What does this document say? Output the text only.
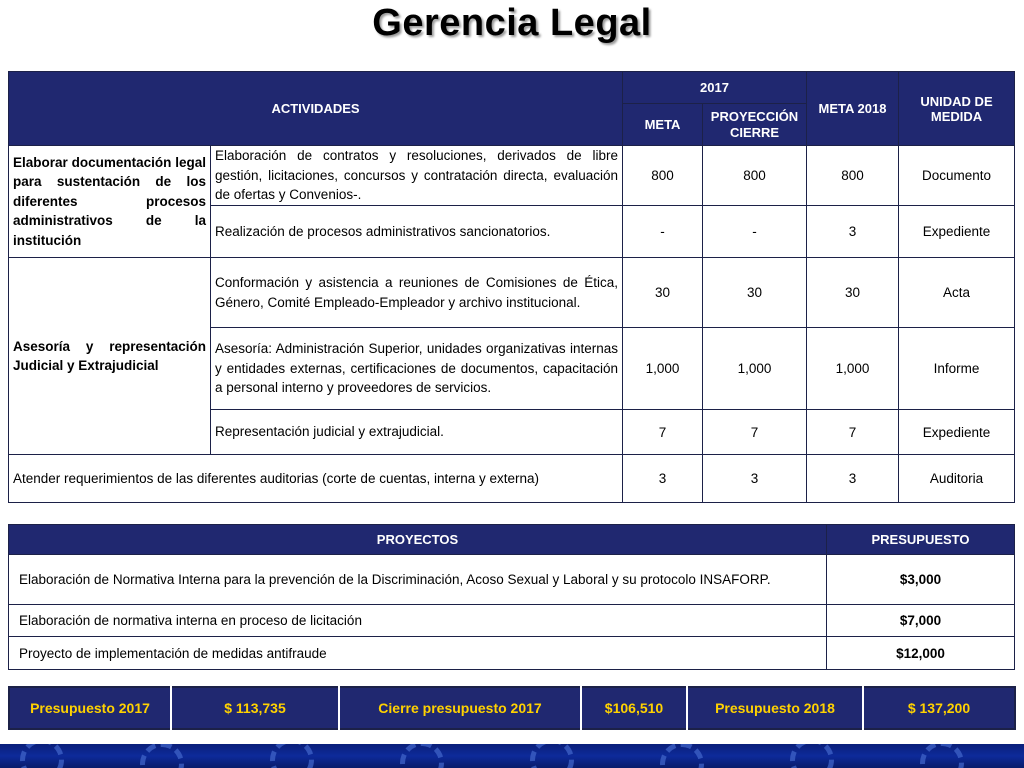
Gerencia Legal
ACTIVIDADES		2017		META 2018	UNIDAD DE MEDIDA
		META	PROYECCIÓN CIERRE		
Elaborar documentación legal para sustentación de los diferentes procesos administrativos de la institución	Elaboración de contratos y resoluciones, derivados de libre gestión, licitaciones, concursos y contratación directa, evaluación de ofertas y Convenios-.	800	800	800	Documento
	Realización de procesos administrativos sancionatorios.	-	-	3	Expediente
Asesoría y representación Judicial y Extrajudicial	Conformación y asistencia a reuniones de Comisiones de Ética, Género, Comité Empleado-Empleador y archivo institucional.	30	30	30	Acta
	Asesoría: Administración Superior, unidades organizativas internas y entidades externas, certificaciones de documentos, capacitación a personal interno y proveedores de servicios.	1,000	1,000	1,000	Informe
	Representación judicial y extrajudicial.	7	7	7	Expediente
Atender requerimientos de las diferentes auditorias (corte de cuentas, interna y externa)		3	3	3	Auditoria
PROYECTOS	PRESUPUESTO
Elaboración de Normativa Interna para la prevención de la Discriminación, Acoso Sexual y Laboral y su protocolo INSAFORP.	$3,000
Elaboración de normativa interna en proceso de licitación	$7,000
Proyecto de implementación de medidas antifraude	$12,000
Presupuesto 2017	$ 113,735	Cierre presupuesto 2017	$106,510	Presupuesto 2018	$ 137,200
